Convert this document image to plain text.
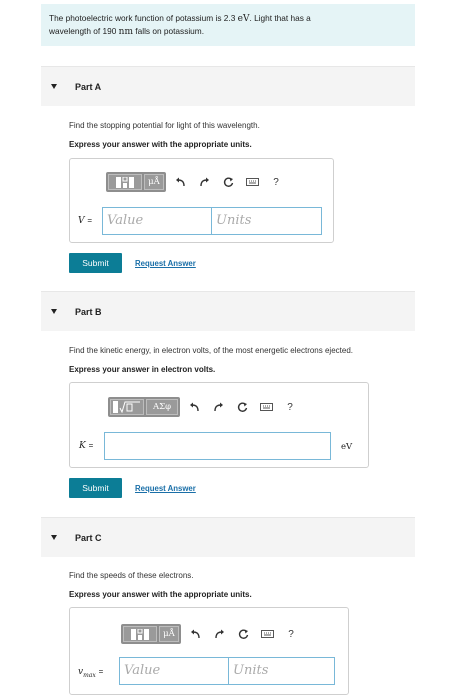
The photoelectric work function of potassium is 2.3 eV. Light that has a
wavelength of 190 nm falls on potassium.
Part A
Find the stopping potential for light of this wavelength.
Express your answer with the appropriate units.
μÅ	?
V =	Value	Units
Submit	Request Answer
Part B
Find the kinetic energy, in electron volts, of the most energetic electrons ejected.
Express your answer in electron volts.
ΑΣφ	?
K =	eV
Submit	Request Answer
Part C
Find the speeds of these electrons.
Express your answer with the appropriate units.
μÅ	?
$v_{max}$ =	Value	Units
